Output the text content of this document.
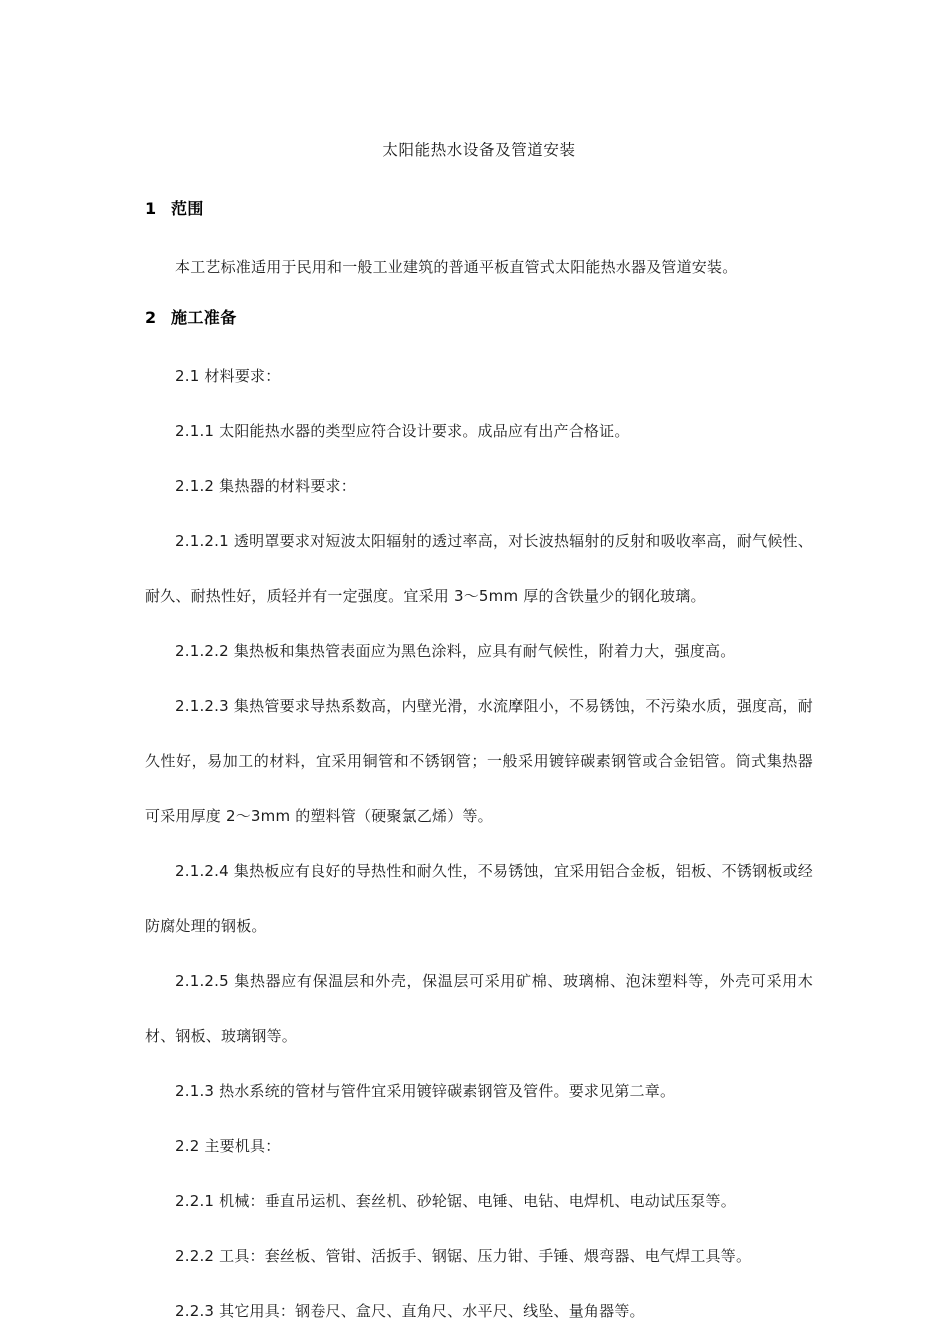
太阳能热水设备及管道安装
1 范围

本工艺标准适用于民用和一般工业建筑的普通平板直管式太阳能热水器及管道安装。

2 施工准备

2.1 材料要求：

2.1.1 太阳能热水器的类型应符合设计要求。成品应有出产合格证。

2.1.2 集热器的材料要求：

2.1.2.1 透明罩要求对短波太阳辐射的透过率高，对长波热辐射的反射和吸收率高，耐气候性、耐久、耐热性好，质轻并有一定强度。宜采用 3～5mm 厚的含铁量少的钢化玻璃。

2.1.2.2 集热板和集热管表面应为黑色涂料，应具有耐气候性，附着力大，强度高。

2.1.2.3 集热管要求导热系数高，内壁光滑，水流摩阻小，不易锈蚀，不污染水质，强度高，耐久性好，易加工的材料，宜采用铜管和不锈钢管；一般采用镀锌碳素钢管或合金铝管。筒式集热器可采用厚度 2～3mm 的塑料管（硬聚氯乙烯）等。

2.1.2.4 集热板应有良好的导热性和耐久性，不易锈蚀，宜采用铝合金板，铝板、不锈钢板或经防腐处理的钢板。

2.1.2.5 集热器应有保温层和外壳，保温层可采用矿棉、玻璃棉、泡沫塑料等，外壳可采用木材、钢板、玻璃钢等。

2.1.3 热水系统的管材与管件宜采用镀锌碳素钢管及管件。要求见第二章。

2.2 主要机具：

2.2.1 机械：垂直吊运机、套丝机、砂轮锯、电锤、电钻、电焊机、电动试压泵等。

2.2.2 工具：套丝板、管钳、活扳手、钢锯、压力钳、手锤、煨弯器、电气焊工具等。

2.2.3 其它用具：钢卷尺、盒尺、直角尺、水平尺、线坠、量角器等。
